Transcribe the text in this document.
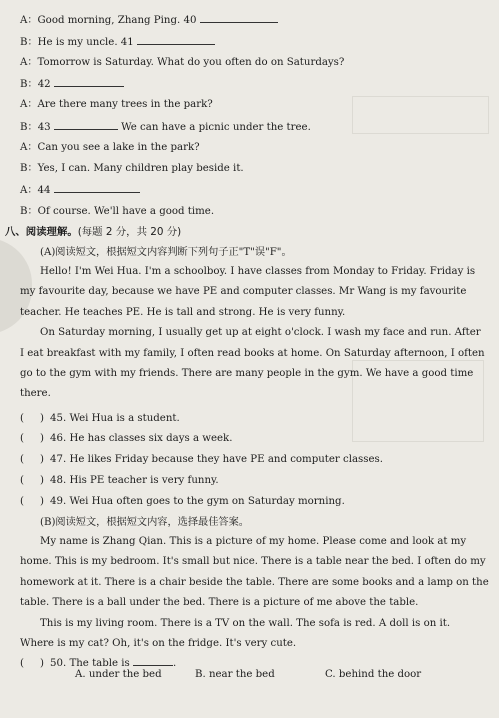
A：Good morning, Zhang Ping. 40
B：He is my uncle. 41
A：Tomorrow is Saturday. What do you often do on Saturdays?
B：42
A：Are there many trees in the park?
B：43	We can have a picnic under the tree.
A：Can you see a lake in the park?
B：Yes, I can. Many children play beside it.
A：44
B：Of course. We'll have a good time.
八、阅读理解。(每题 2 分，共 20 分)
(A)阅读短文，根据短文内容判断下列句子正"T"误"F"。
Hello! I'm Wei Hua. I'm a schoolboy. I have classes from Monday to Friday. Friday is
my favourite day, because we have PE and computer classes. Mr Wang is my favourite
teacher. He teaches PE. He is tall and strong. He is very funny.
On Saturday morning, I usually get up at eight o'clock. I wash my face and run. After
I eat breakfast with my family, I often read books at home. On Saturday afternoon, I often
go to the gym with my friends. There are many people in the gym. We have a good time
there.
( ) 45. Wei Hua is a student.
( ) 46. He has classes six days a week.
( ) 47. He likes Friday because they have PE and computer classes.
( ) 48. His PE teacher is very funny.
( ) 49. Wei Hua often goes to the gym on Saturday morning.
(B)阅读短文，根据短文内容，选择最佳答案。
My name is Zhang Qian. This is a picture of my home. Please come and look at my
home. This is my bedroom. It's small but nice. There is a table near the bed. I often do my
homework at it. There is a chair beside the table. There are some books and a lamp on the
table. There is a ball under the bed. There is a picture of me above the table.
This is my living room. There is a TV on the wall. The sofa is red. A doll is on it.
Where is my cat? Oh, it's on the fridge. It's very cute.
( ) 50. The table is	.
A. under the bed	B. near the bed	C. behind the door
